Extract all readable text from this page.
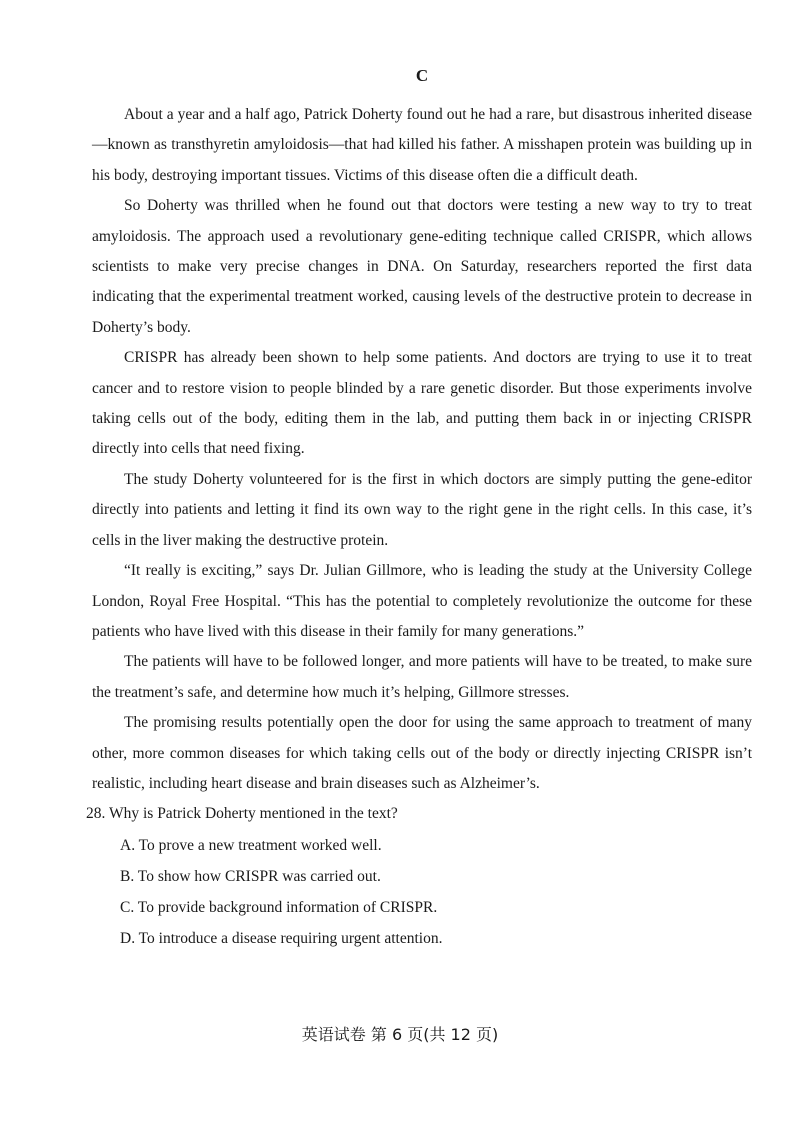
C

About a year and a half ago, Patrick Doherty found out he had a rare, but disastrous inherited disease—known as transthyretin amyloidosis—that had killed his father. A misshapen protein was building up in his body, destroying important tissues. Victims of this disease often die a difficult death.

So Doherty was thrilled when he found out that doctors were testing a new way to try to treat amyloidosis. The approach used a revolutionary gene-editing technique called CRISPR, which allows scientists to make very precise changes in DNA. On Saturday, researchers reported the first data indicating that the experimental treatment worked, causing levels of the destructive protein to decrease in Doherty’s body.

CRISPR has already been shown to help some patients. And doctors are trying to use it to treat cancer and to restore vision to people blinded by a rare genetic disorder. But those experiments involve taking cells out of the body, editing them in the lab, and putting them back in or injecting CRISPR directly into cells that need fixing.

The study Doherty volunteered for is the first in which doctors are simply putting the gene-editor directly into patients and letting it find its own way to the right gene in the right cells. In this case, it’s cells in the liver making the destructive protein.

“It really is exciting,” says Dr. Julian Gillmore, who is leading the study at the University College London, Royal Free Hospital. “This has the potential to completely revolutionize the outcome for these patients who have lived with this disease in their family for many generations.”

The patients will have to be followed longer, and more patients will have to be treated, to make sure the treatment’s safe, and determine how much it’s helping, Gillmore stresses.

The promising results potentially open the door for using the same approach to treatment of many other, more common diseases for which taking cells out of the body or directly injecting CRISPR isn’t realistic, including heart disease and brain diseases such as Alzheimer’s.

28. Why is Patrick Doherty mentioned in the text?
A. To prove a new treatment worked well.
B. To show how CRISPR was carried out.
C. To provide background information of CRISPR.
D. To introduce a disease requiring urgent attention.
英语试卷 第 6 页(共 12 页)
